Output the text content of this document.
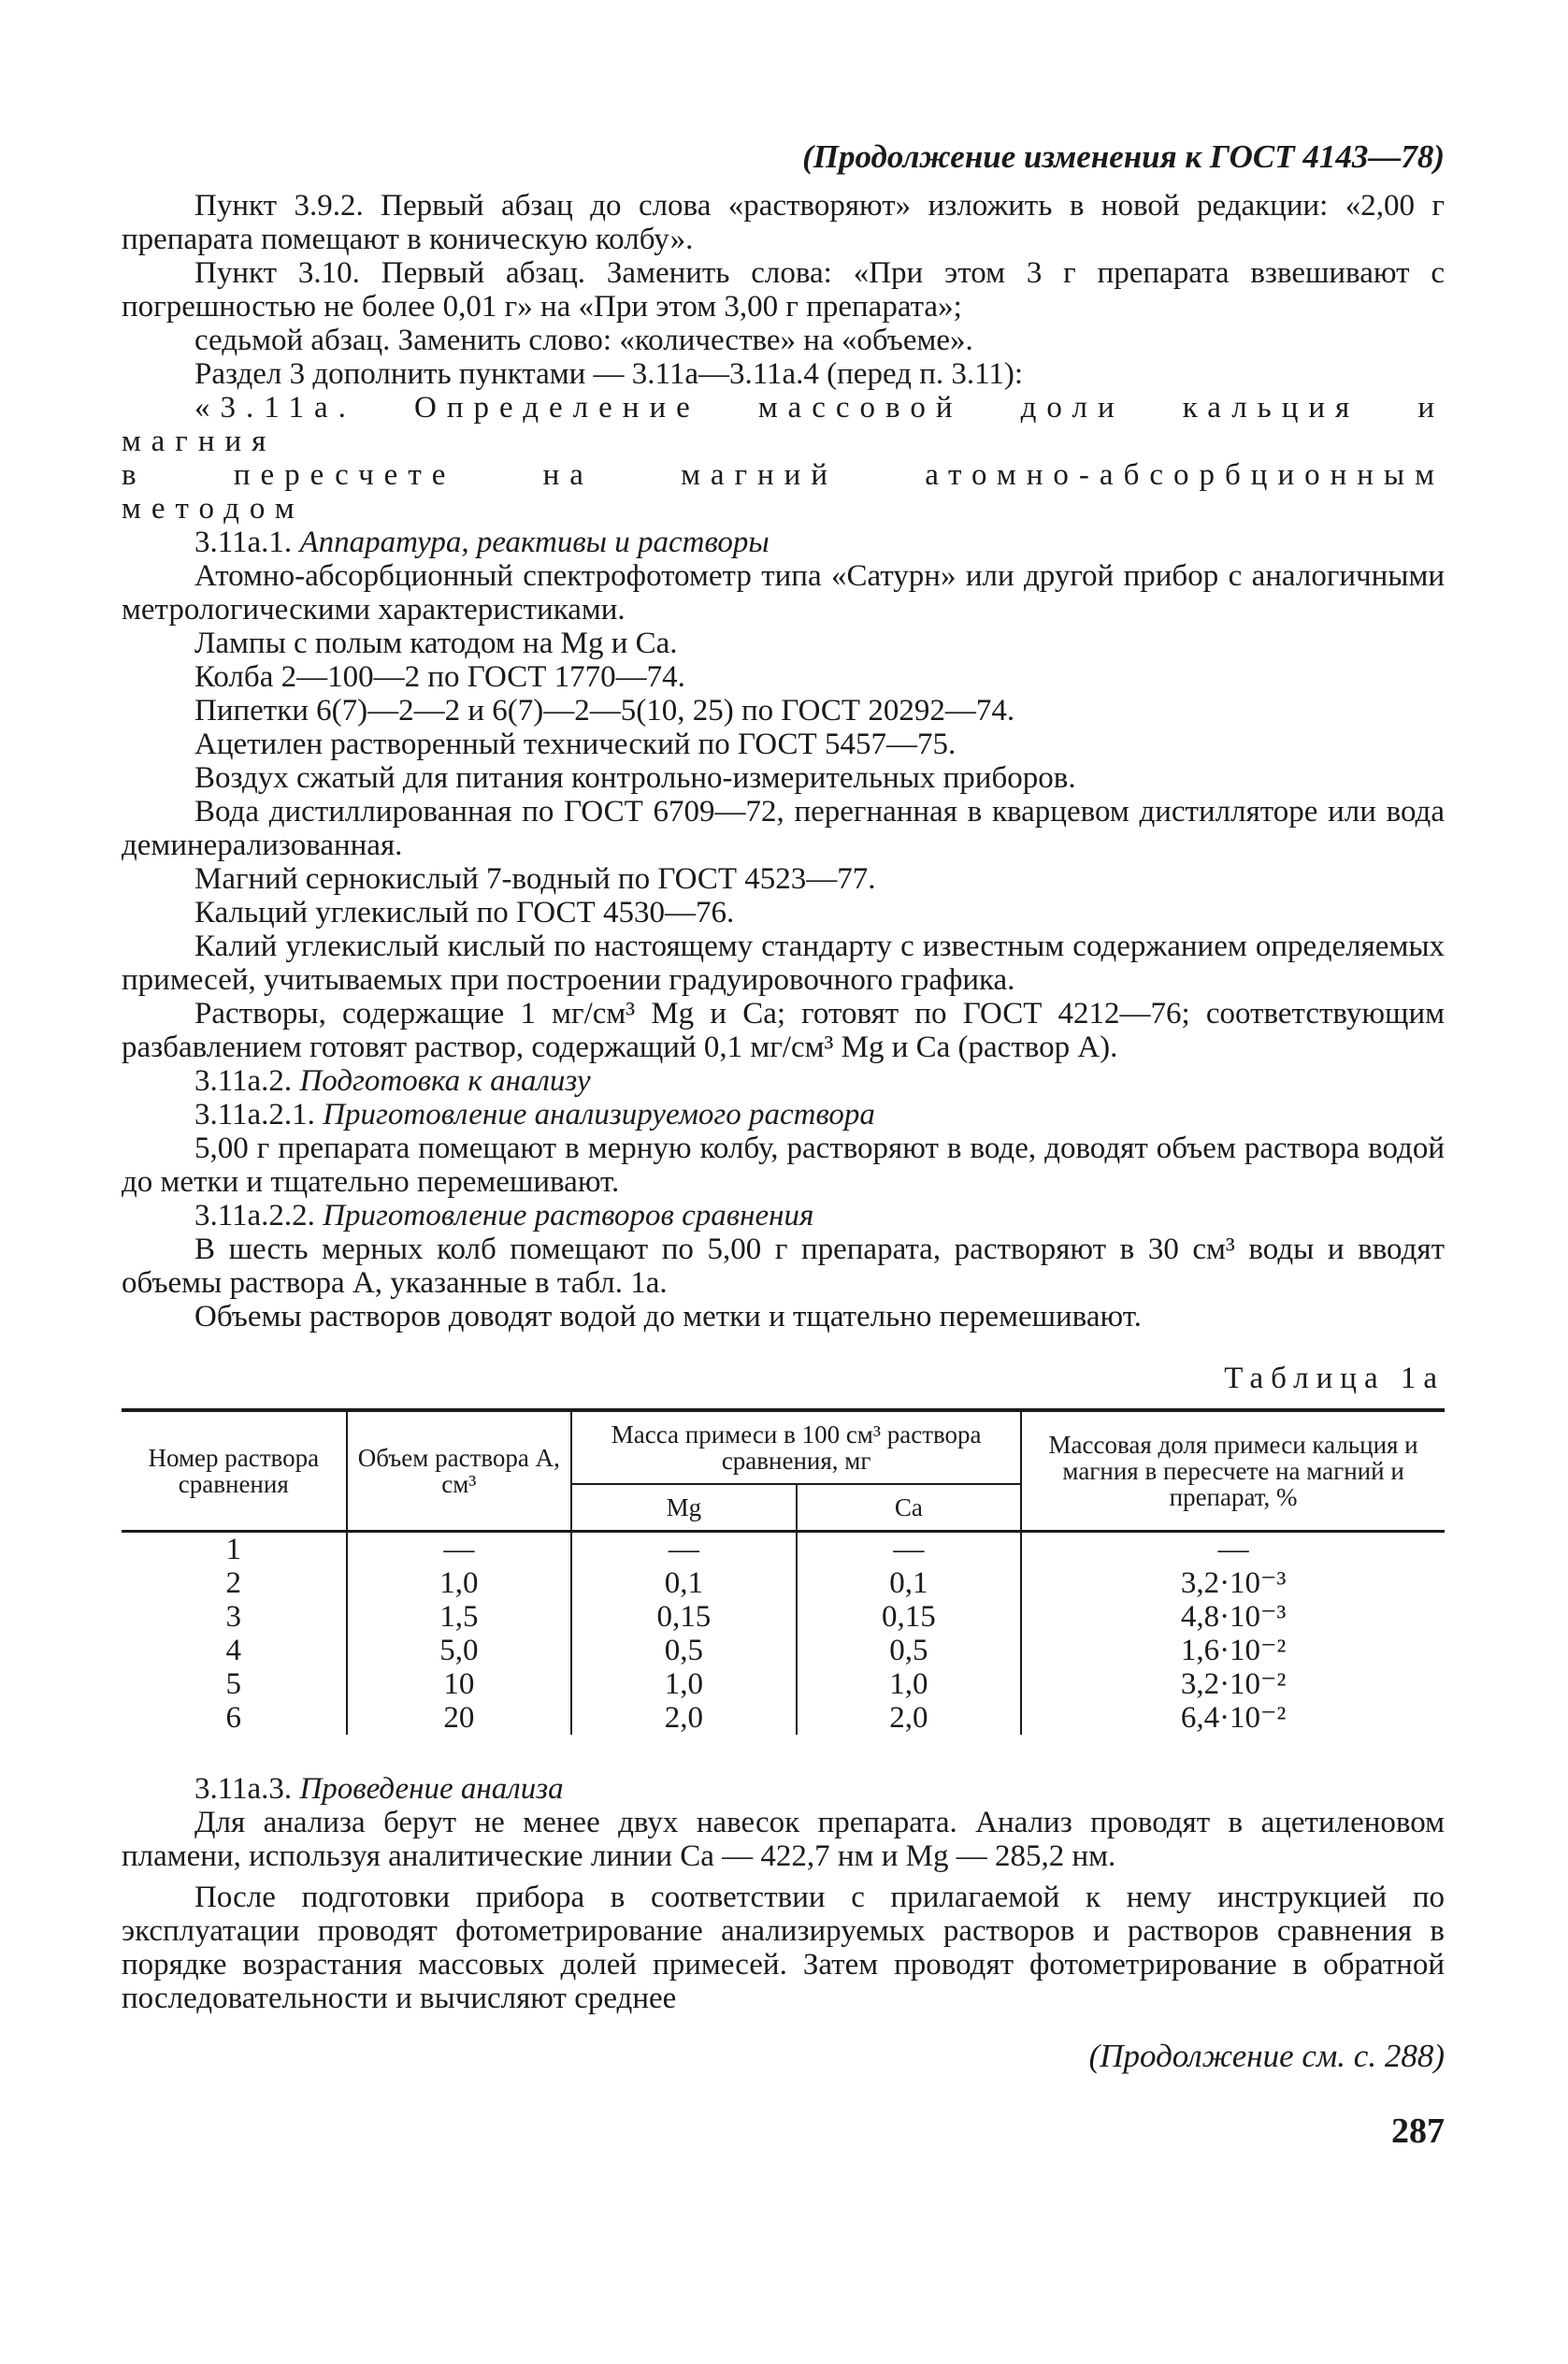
(Продолжение изменения к ГОСТ 4143—78)

Пункт 3.9.2. Первый абзац до слова «растворяют» изложить в новой редакции: «2,00 г препарата помещают в коническую колбу».

Пункт 3.10. Первый абзац. Заменить слова: «При этом 3 г препарата взвешивают с погрешностью не более 0,01 г» на «При этом 3,00 г препарата»;

седьмой абзац. Заменить слово: «количестве» на «объеме».

Раздел 3 дополнить пунктами — 3.11а—3.11а.4 (перед п. 3.11):

«3.11а. Определение массовой доли кальция и магния

в пересчете на магний атомно-абсорбционным методом

3.11а.1. Аппаратура, реактивы и растворы

Атомно-абсорбционный спектрофотометр типа «Сатурн» или другой прибор с аналогичными метрологическими характеристиками.

Лампы с полым катодом на Mg и Са.

Колба 2—100—2 по ГОСТ 1770—74.

Пипетки 6(7)—2—2 и 6(7)—2—5(10, 25) по ГОСТ 20292—74.

Ацетилен растворенный технический по ГОСТ 5457—75.

Воздух сжатый для питания контрольно-измерительных приборов.

Вода дистиллированная по ГОСТ 6709—72, перегнанная в кварцевом дистилляторе или вода деминерализованная.

Магний сернокислый 7-водный по ГОСТ 4523—77.

Кальций углекислый по ГОСТ 4530—76.

Калий углекислый кислый по настоящему стандарту с известным содержанием определяемых примесей, учитываемых при построении градуировочного графика.

Растворы, содержащие 1 мг/см³ Mg и Са; готовят по ГОСТ 4212—76; соответствующим разбавлением готовят раствор, содержащий 0,1 мг/см³ Mg и Са (раствор А).

3.11а.2. Подготовка к анализу

3.11а.2.1. Приготовление анализируемого раствора

5,00 г препарата помещают в мерную колбу, растворяют в воде, доводят объем раствора водой до метки и тщательно перемешивают.

3.11а.2.2. Приготовление растворов сравнения

В шесть мерных колб помещают по 5,00 г препарата, растворяют в 30 см³ воды и вводят объемы раствора А, указанные в табл. 1а.

Объемы растворов доводят водой до метки и тщательно перемешивают.

Таблица 1а
Номер раствора сравнения	Объем раствора А, см³	Масса примеси в 100 см³ раствора сравнения, мг		Массовая доля примеси кальция и магния в пересчете на магний и препарат, %
		Mg	Са	
1	—	—	—	—
2	1,0	0,1	0,1	3,2·10⁻³
3	1,5	0,15	0,15	4,8·10⁻³
4	5,0	0,5	0,5	1,6·10⁻²
5	10	1,0	1,0	3,2·10⁻²
6	20	2,0	2,0	6,4·10⁻²

3.11а.3. Проведение анализа

Для анализа берут не менее двух навесок препарата. Анализ проводят в ацетиленовом пламени, используя аналитические линии Са — 422,7 нм и Mg — 285,2 нм.

После подготовки прибора в соответствии с прилагаемой к нему инструкцией по эксплуатации проводят фотометрирование анализируемых растворов и растворов сравнения в порядке возрастания массовых долей примесей. Затем проводят фотометрирование в обратной последовательности и вычисляют среднее

(Продолжение см. с. 288)
287
